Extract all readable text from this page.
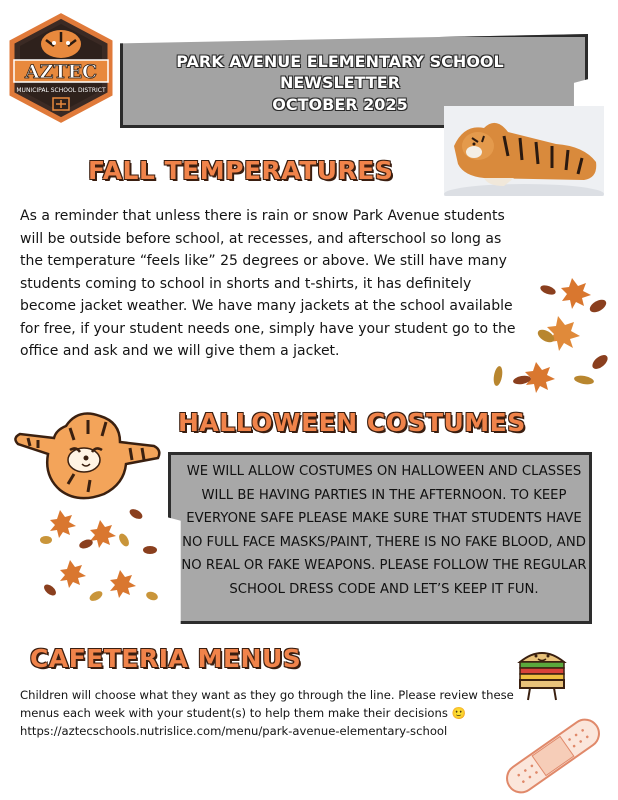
AZTEC
MUNICIPAL SCHOOL DISTRICT
PARK AVENUE ELEMENTARY SCHOOL
NEWSLETTER
OCTOBER 2025
FALL TEMPERATURES

As a reminder that unless there is rain or snow Park Avenue students will be outside before school, at recesses, and afterschool so long as the temperature “feels like” 25 degrees or above. We still have many students coming to school in shorts and t-shirts, it has definitely become jacket weather. We have many jackets at the school available for free, if your student needs one, simply have your student go to the office and ask and we will give them a jacket.

HALLOWEEN COSTUMES

WE WILL ALLOW COSTUMES ON HALLOWEEN AND CLASSES WILL BE HAVING PARTIES IN THE AFTERNOON. TO KEEP EVERYONE SAFE PLEASE MAKE SURE THAT STUDENTS HAVE NO FULL FACE MASKS/PAINT, THERE IS NO FAKE BLOOD, AND NO REAL OR FAKE WEAPONS. PLEASE FOLLOW THE REGULAR SCHOOL DRESS CODE AND LET’S KEEP IT FUN.

CAFETERIA MENUS

Children will choose what they want as they go through the line. Please review these menus each week with your student(s) to help them make their decisions 🙂

https://aztecschools.nutrislice.com/menu/park-avenue-elementary-school
